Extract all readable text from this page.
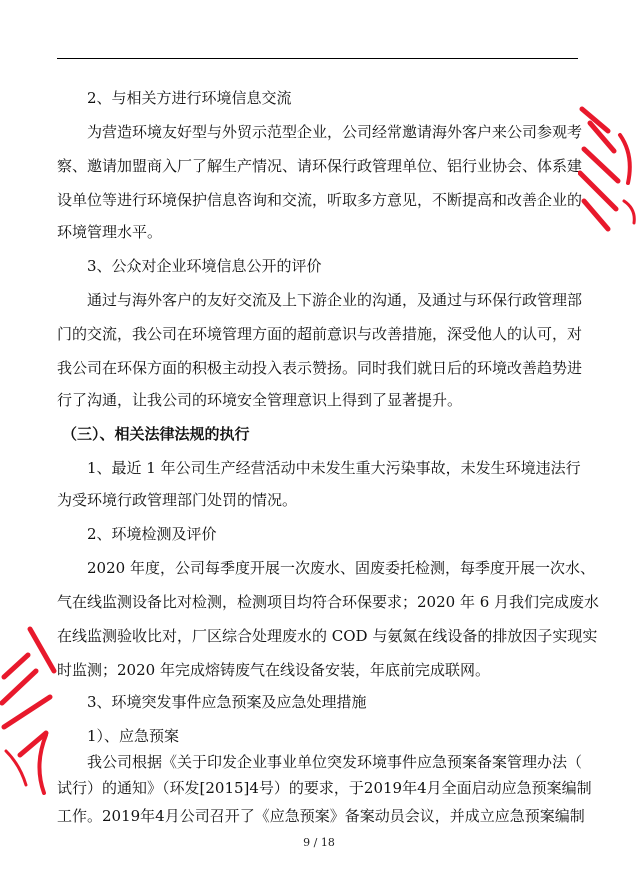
2、与相关方进行环境信息交流
为营造环境友好型与外贸示范型企业，公司经常邀请海外客户来公司参观考
察、邀请加盟商入厂了解生产情况、请环保行政管理单位、铝行业协会、体系建
设单位等进行环境保护信息咨询和交流，听取多方意见，不断提高和改善企业的
环境管理水平。
3、公众对企业环境信息公开的评价
通过与海外客户的友好交流及上下游企业的沟通，及通过与环保行政管理部
门的交流，我公司在环境管理方面的超前意识与改善措施，深受他人的认可，对
我公司在环保方面的积极主动投入表示赞扬。同时我们就日后的环境改善趋势进
行了沟通，让我公司的环境安全管理意识上得到了显著提升。
（三）、相关法律法规的执行
1、最近 1 年公司生产经营活动中未发生重大污染事故，未发生环境违法行
为受环境行政管理部门处罚的情况。
2、环境检测及评价
2020 年度，公司每季度开展一次废水、固废委托检测，每季度开展一次水、
气在线监测设备比对检测，检测项目均符合环保要求；2020 年 6 月我们完成废水
在线监测验收比对，厂区综合处理废水的 COD 与氨氮在线设备的排放因子实现实
时监测；2020 年完成熔铸废气在线设备安装，年底前完成联网。
3、环境突发事件应急预案及应急处理措施
1）、应急预案
我公司根据《关于印发企业事业单位突发环境事件应急预案备案管理办法（
试行）的通知》（环发[2015]4号）的要求，于2019年4月全面启动应急预案编制
工作。2019年4月公司召开了《应急预案》备案动员会议，并成立应急预案编制
9 / 18
